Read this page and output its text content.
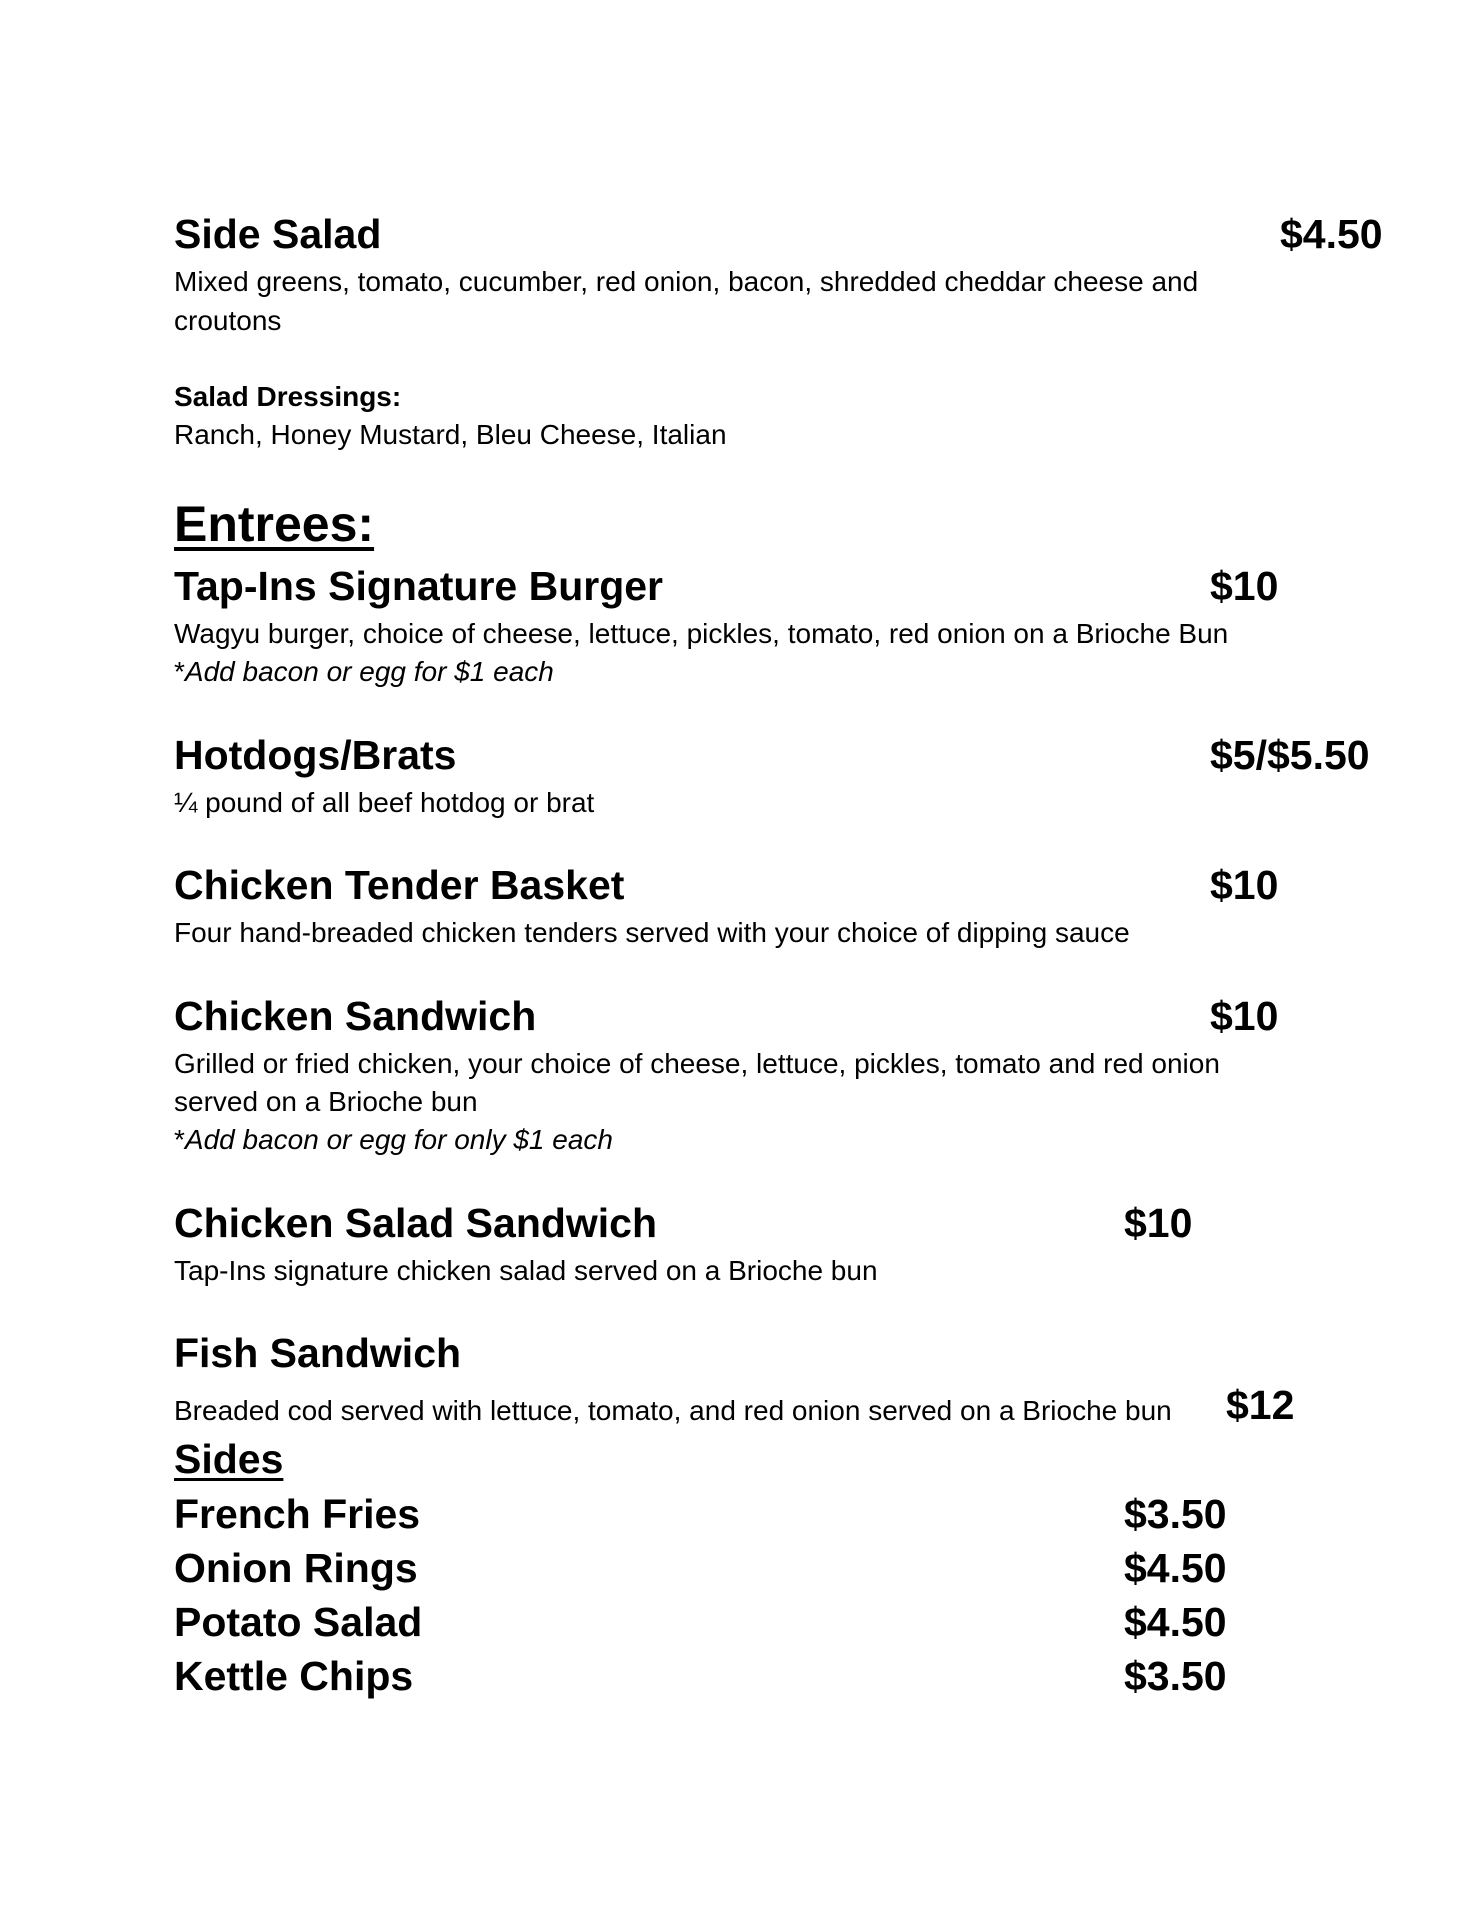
Side Salad	$4.50
Mixed greens, tomato, cucumber, red onion, bacon, shredded cheddar cheese and
croutons
Salad Dressings:
Ranch, Honey Mustard, Bleu Cheese, Italian
Entrees:
Tap-Ins Signature Burger	$10
Wagyu burger, choice of cheese, lettuce, pickles, tomato, red onion on a Brioche Bun
*Add bacon or egg for $1 each
Hotdogs/Brats	$5/$5.50
¼ pound of all beef hotdog or brat
Chicken Tender Basket	$10
Four hand-breaded chicken tenders served with your choice of dipping sauce
Chicken Sandwich	$10
Grilled or fried chicken, your choice of cheese, lettuce, pickles, tomato and red onion
served on a Brioche bun
*Add bacon or egg for only $1 each
Chicken Salad Sandwich	$10
Tap-Ins signature chicken salad served on a Brioche bun
Fish Sandwich
Breaded cod served with lettuce, tomato, and red onion served on a Brioche bun $12
Sides
French Fries	$3.50
Onion Rings	$4.50
Potato Salad	$4.50
Kettle Chips	$3.50
